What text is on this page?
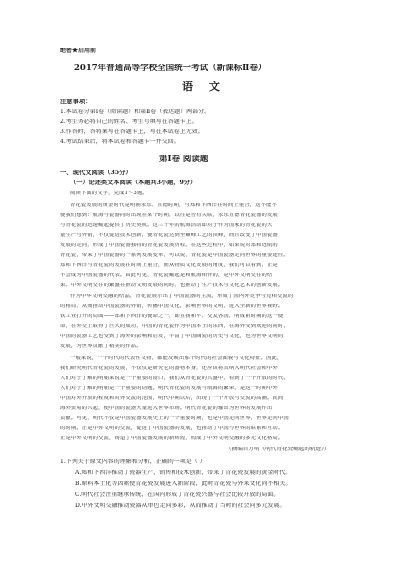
绝密★启用前
2017年普通高等学校全国统一考试（新课标Ⅱ卷）
语 文
注意事项：
1.本试卷分第Ⅰ卷（阅读题）和第Ⅱ卷（表达题）两部分。
2.考生务必将自己的姓名、考生号填写在答题卡上。
3.作答时，答将案写在答题卡上，写在本试卷上无效。
4.考试结束后，将本试卷和答题卡一并交回。
第Ⅰ卷 阅读题
一、现代文阅读（35分）
（一）论述类文本阅读（本题共3小题，9分）
阅读下面的文字，完成1～3题。
青花瓷发展的黄金时代是明朝永乐、宣德时期，与郑和下西洋在时间上重合，这不能不
使我们想到：航海与瓷器同时出现在某个时期，以往是否有关联，永乐宣德青花瓷器的发展
与青花瓷的迅速崛起提供了历史契机。这三十年的航海活动即对于作为国家的青花瓷的大
量生产与外销，不仅促进技术创新，使青花瓷达到至巅峰工艺的顶峰，而且改变了中国瓷器
发展的走向，形成了中国瓷器独特的青花瓷发展历程。在这些过程中，如果说对郑和远航的
青花瓷，带来了中国瓷器的一系列发展变革，可以说，青花瓷是中国瓷器走向世界的重要途径。
郑和下西洋与青花瓷的发展在时间上重合，而从物质文化发展的角度，我们可以看到，正是
不会成为中国瓷器的代表。由此可见，青花瓷崛起是和航海相伴的，是中外文明交往的结
果。中外文明交往的繁盛在推动文明发展的同时，也推动了生产技术与文化艺术的创新发展。
作为中华文明交融的结晶，青花瓷展示出了中国瓷器的主流，形成了国内外竞争与竞相交流的
的格局，从而推动中国瓷器的外销，传播中国文化，影响世界的文明，进入全新的世界视野。
铁工业打开的局面——郑和下西洋的使命之一，即宣扬和平、交友各国，明成祖时期的这一使
命，在外交上取得了巨大的成功，中国的青花瓷作为中国本土的东西，在海外受到欢迎的同时，
中国的瓷器工艺也受到了海外的影响和启发，丰富了中国陶瓷的历史与文化，也为世界文明的
发展，为世界贡献了精美的作品。
一般来说，一个时代的代表性文物，都能反映出那个时代的社会面貌与文化特征。因此，
我们研究明代青花瓷的发展，不仅仅是研究它的器物本身，还应该将其纳入明代社会和中外
人们对于了解的明朝来说是一个重要的窗口，我们从青花瓷的兴盛中，看到了一个开放的时代。
人们对于了解的明朝是一个重要的话题。明代青花瓷的发展与航海的繁荣，是这一时期中外
中国对外开放的程度和对外交流的范围，明代中期以后，出现了一个开放与交流的高潮。民间
海外贸易的兴起，使中国的瓷器大量进入世界市场。明代青花瓷的输出为世界的发展作出
贡献。可见，明代不仅是中国瓷器发展史上的一个重要时期，也是中国走向世界，世界走向中国
的时期。正是中外文明的交流，促进了中国瓷器的发展，也推动了中国与世界的联系和互动。
正是中外文明的交流，铸造了中国瓷器发展的新辉煌，构成了中外文明交融的多元文化格局。
（摘编自万明《明代青花瓷崛起的轨迹》）
1.下列关于原文内容的理解和分析，正确的一项是（ ）
A.郑和下西洋推动了瓷器生产、销售和技术创新，带来了青花瓷发展的黄金时代。
B.原料本土化等因素使青花瓷发展进入新阶段，此时青花瓷与外来文化尚不相关。
C.明代社会注重继承传统，在国内形成了青花瓷兴盛与社会比较开放的局面。
D.中外文明交融推动瓷器从单色走向多彩，从而推动了当时的社会向多元发展。
